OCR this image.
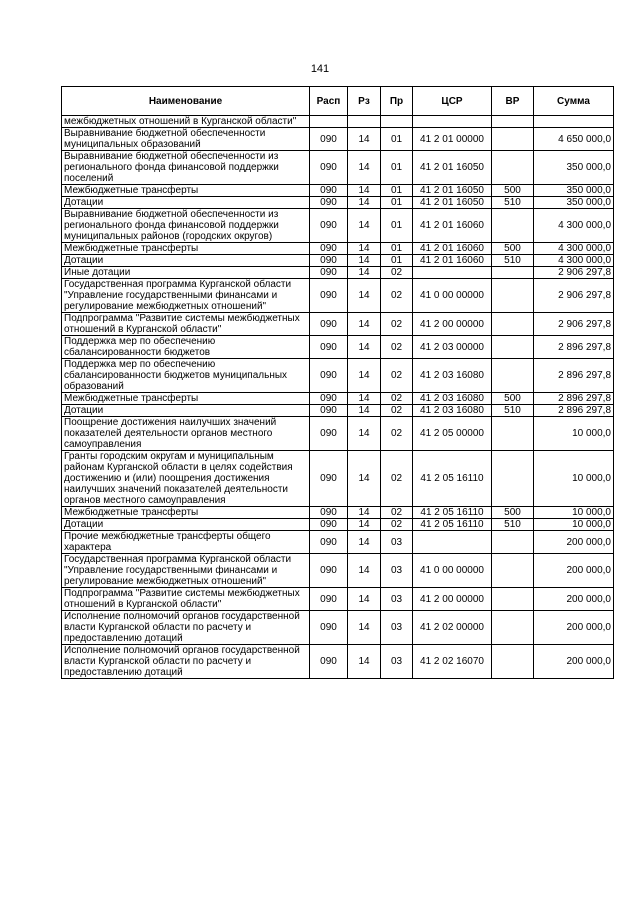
141
Наименование	Расп	Рз	Пр	ЦСР	ВР	Сумма
межбюджетных отношений в Курганской области"						
Выравнивание бюджетной обеспеченности муниципальных образований	090	14	01	41 2 01 00000		4 650 000,0
Выравнивание бюджетной обеспеченности из регионального фонда финансовой поддержки поселений	090	14	01	41 2 01 16050		350 000,0
Межбюджетные трансферты	090	14	01	41 2 01 16050	500	350 000,0
Дотации	090	14	01	41 2 01 16050	510	350 000,0
Выравнивание бюджетной обеспеченности из регионального фонда финансовой поддержки муниципальных районов (городских округов)	090	14	01	41 2 01 16060		4 300 000,0
Межбюджетные трансферты	090	14	01	41 2 01 16060	500	4 300 000,0
Дотации	090	14	01	41 2 01 16060	510	4 300 000,0
Иные дотации	090	14	02			2 906 297,8
Государственная программа Курганской области "Управление государственными финансами и регулирование межбюджетных отношений"	090	14	02	41 0 00 00000		2 906 297,8
Подпрограмма "Развитие системы межбюджетных отношений в Курганской области"	090	14	02	41 2 00 00000		2 906 297,8
Поддержка мер по обеспечению сбалансированности бюджетов	090	14	02	41 2 03 00000		2 896 297,8
Поддержка мер по обеспечению сбалансированности бюджетов муниципальных образований	090	14	02	41 2 03 16080		2 896 297,8
Межбюджетные трансферты	090	14	02	41 2 03 16080	500	2 896 297,8
Дотации	090	14	02	41 2 03 16080	510	2 896 297,8
Поощрение достижения наилучших значений показателей деятельности органов местного самоуправления	090	14	02	41 2 05 00000		10 000,0
Гранты городским округам и муниципальным районам Курганской области в целях содействия достижению и (или) поощрения достижения наилучших значений показателей деятельности органов местного самоуправления	090	14	02	41 2 05 16110		10 000,0
Межбюджетные трансферты	090	14	02	41 2 05 16110	500	10 000,0
Дотации	090	14	02	41 2 05 16110	510	10 000,0
Прочие межбюджетные трансферты общего характера	090	14	03			200 000,0
Государственная программа Курганской области "Управление государственными финансами и регулирование межбюджетных отношений"	090	14	03	41 0 00 00000		200 000,0
Подпрограмма "Развитие системы межбюджетных отношений в Курганской области"	090	14	03	41 2 00 00000		200 000,0
Исполнение полномочий органов государственной власти Курганской области по расчету и предоставлению дотаций	090	14	03	41 2 02 00000		200 000,0
Исполнение полномочий органов государственной власти Курганской области по расчету и предоставлению дотаций	090	14	03	41 2 02 16070		200 000,0
